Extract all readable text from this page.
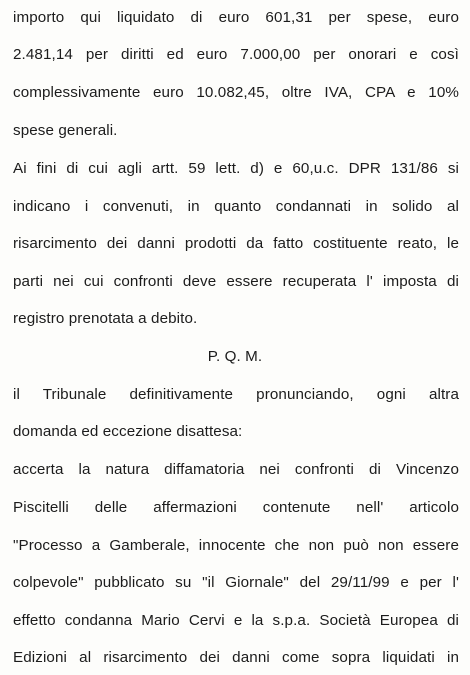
importo qui liquidato di euro 601,31 per spese, euro
2.481,14 per diritti ed euro 7.000,00 per onorari e così
complessivamente euro 10.082,45, oltre IVA, CPA e 10%
spese generali.
Ai fini di cui agli artt. 59 lett. d) e 60,u.c. DPR 131/86 si
indicano i convenuti, in quanto condannati in solido al
risarcimento dei danni prodotti da fatto costituente reato, le
parti nei cui confronti deve essere recuperata l' imposta di
registro prenotata a debito.
P. Q. M.
il Tribunale definitivamente pronunciando, ogni altra
domanda ed eccezione disattesa:
accerta la natura diffamatoria nei confronti di Vincenzo
Piscitelli delle affermazioni contenute nell' articolo
"Processo a Gamberale, innocente che non può non essere
colpevole" pubblicato su "il Giornale" del 29/11/99 e per l'
effetto condanna Mario Cervi e la s.p.a. Società Europea di
Edizioni al risarcimento dei danni come sopra liquidati in
